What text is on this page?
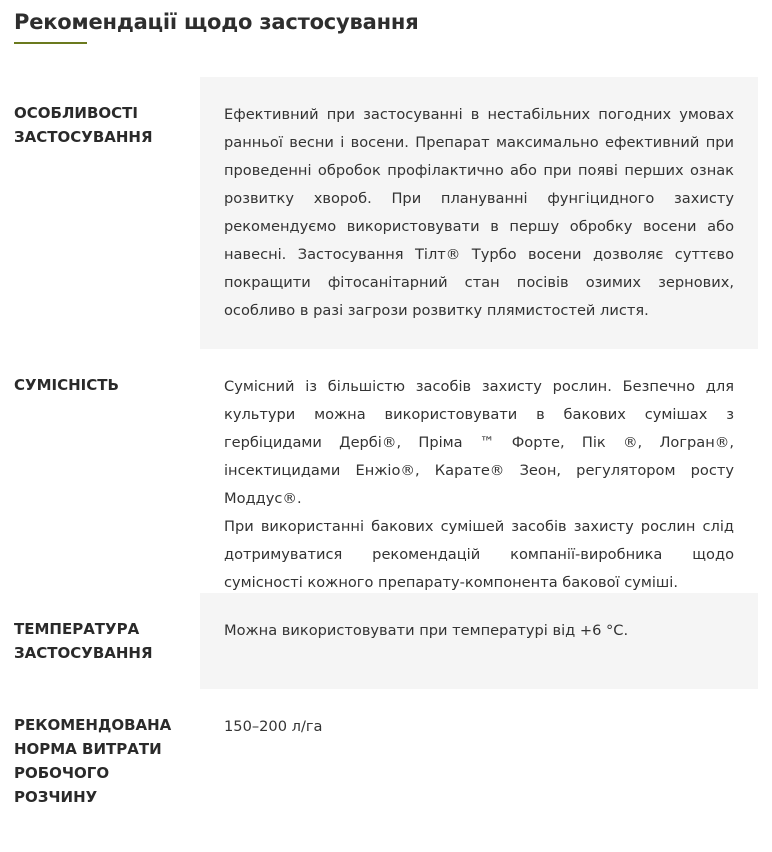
Рекомендації щодо застосування
ОСОБЛИВОСТІ ЗАСТОСУВАННЯ

Ефективний при застосуванні в нестабільних погодних умовах ранньої весни і восени. Препарат максимально ефективний при проведенні обробок профілактично або при появі перших ознак розвитку хвороб. При плануванні фунгіцидного захисту рекомендуємо використовувати в першу обробку восени або навесні. Застосування Тілт® Турбо восени дозволяє суттєво покращити фітосанітарний стан посівів озимих зернових, особливо в разі загрози розвитку плямистостей листя.

СУМІСНІСТЬ	Сумісний із більшістю засобів захисту рослин. Безпечно для культури можна використовувати в бакових сумішах з гербіцидами Дербі®, Пріма ™ Форте, Пік ®, Логран®, інсектицидами Енжіо®, Карате® Зеон, регулятором росту Моддус®.

При використанні бакових сумішей засобів захисту рослин слід дотримуватися рекомендацій компанії-виробника щодо сумісності кожного препарату-компонента бакової суміші.

ТЕМПЕРАТУРА ЗАСТОСУВАННЯ

Можна використовувати при температурі від +6 °C.

РЕКОМЕНДОВАНА НОРМА ВИТРАТИ РОБОЧОГО РОЗЧИНУ

150–200 л/га
